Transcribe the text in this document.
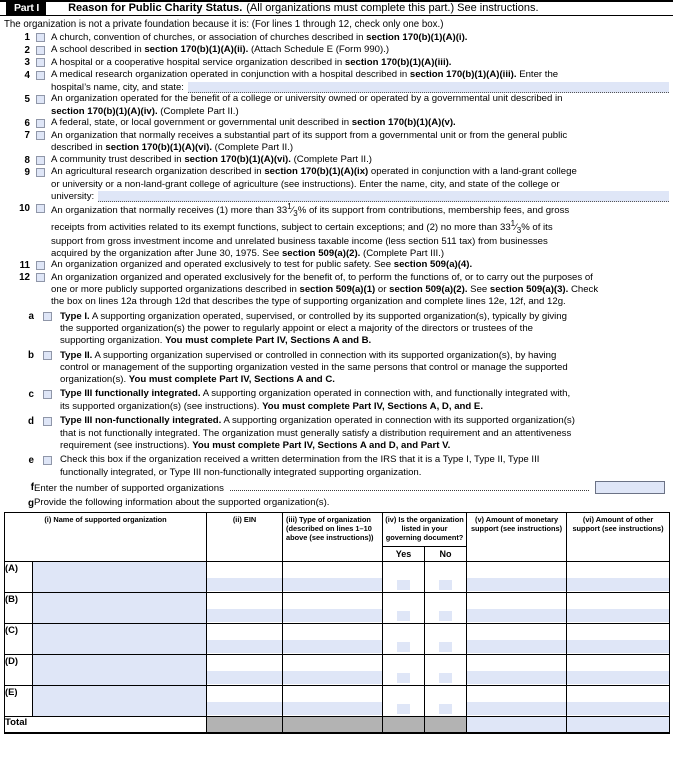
Part I	Reason for Public Charity Status. (All organizations must complete this part.) See instructions.
The organization is not a private foundation because it is: (For lines 1 through 12, check only one box.)
1 A church, convention of churches, or association of churches described in section 170(b)(1)(A)(i).
2 A school described in section 170(b)(1)(A)(ii). (Attach Schedule E (Form 990).)
3 A hospital or a cooperative hospital service organization described in section 170(b)(1)(A)(iii).
4 A medical research organization operated in conjunction with a hospital described in section 170(b)(1)(A)(iii). Enter the
hospital’s name, city, and state:
5 An organization operated for the benefit of a college or university owned or operated by a governmental unit described in
section 170(b)(1)(A)(iv). (Complete Part II.)
6 A federal, state, or local government or governmental unit described in section 170(b)(1)(A)(v).
7 An organization that normally receives a substantial part of its support from a governmental unit or from the general public
described in section 170(b)(1)(A)(vi). (Complete Part II.)
8 A community trust described in section 170(b)(1)(A)(vi). (Complete Part II.)
9 An agricultural research organization described in section 170(b)(1)(A)(ix) operated in conjunction with a land-grant college
or university or a non-land-grant college of agriculture (see instructions). Enter the name, city, and state of the college or
university:
10 An organization that normally receives (1) more than $33^1⁄_3\%$ of its support from contributions, membership fees, and gross
receipts from activities related to its exempt functions, subject to certain exceptions; and (2) no more than $33^1⁄_3\%$ of its
support from gross investment income and unrelated business taxable income (less section 511 tax) from businesses
acquired by the organization after June 30, 1975. See section 509(a)(2). (Complete Part III.)
11 An organization organized and operated exclusively to test for public safety. See section 509(a)(4).
12 An organization organized and operated exclusively for the benefit of, to perform the functions of, or to carry out the purposes of
one or more publicly supported organizations described in section 509(a)(1) or section 509(a)(2). See section 509(a)(3). Check
the box on lines 12a through 12d that describes the type of supporting organization and complete lines 12e, 12f, and 12g.
a	Type I. A supporting organization operated, supervised, or controlled by its supported organization(s), typically by giving
the supported organization(s) the power to regularly appoint or elect a majority of the directors or trustees of the
supporting organization. You must complete Part IV, Sections A and B.
b	Type II. A supporting organization supervised or controlled in connection with its supported organization(s), by having
control or management of the supporting organization vested in the same persons that control or manage the supported
organization(s). You must complete Part IV, Sections A and C.
c	Type III functionally integrated. A supporting organization operated in connection with, and functionally integrated with,
its supported organization(s) (see instructions). You must complete Part IV, Sections A, D, and E.
d	Type III non-functionally integrated. A supporting organization operated in connection with its supported organization(s)
that is not functionally integrated. The organization must generally satisfy a distribution requirement and an attentiveness
requirement (see instructions). You must complete Part IV, Sections A and D, and Part V.
e	Check this box if the organization received a written determination from the IRS that it is a Type I, Type II, Type III
functionally integrated, or Type III non-functionally integrated supporting organization.
f Enter the number of supported organizations
g Provide the following information about the supported organization(s).
(i) Name of supported organization		(ii) EIN	(iii) Type of organization (described on lines 1–10 above (see instructions))	(iv) Is the organization listed in your governing document?		(v) Amount of monetary support (see instructions)	(vi) Amount of other support (see instructions)
				Yes	No		
(A)	

(B)	

(C)	

(D)	

(E)	

Total							
